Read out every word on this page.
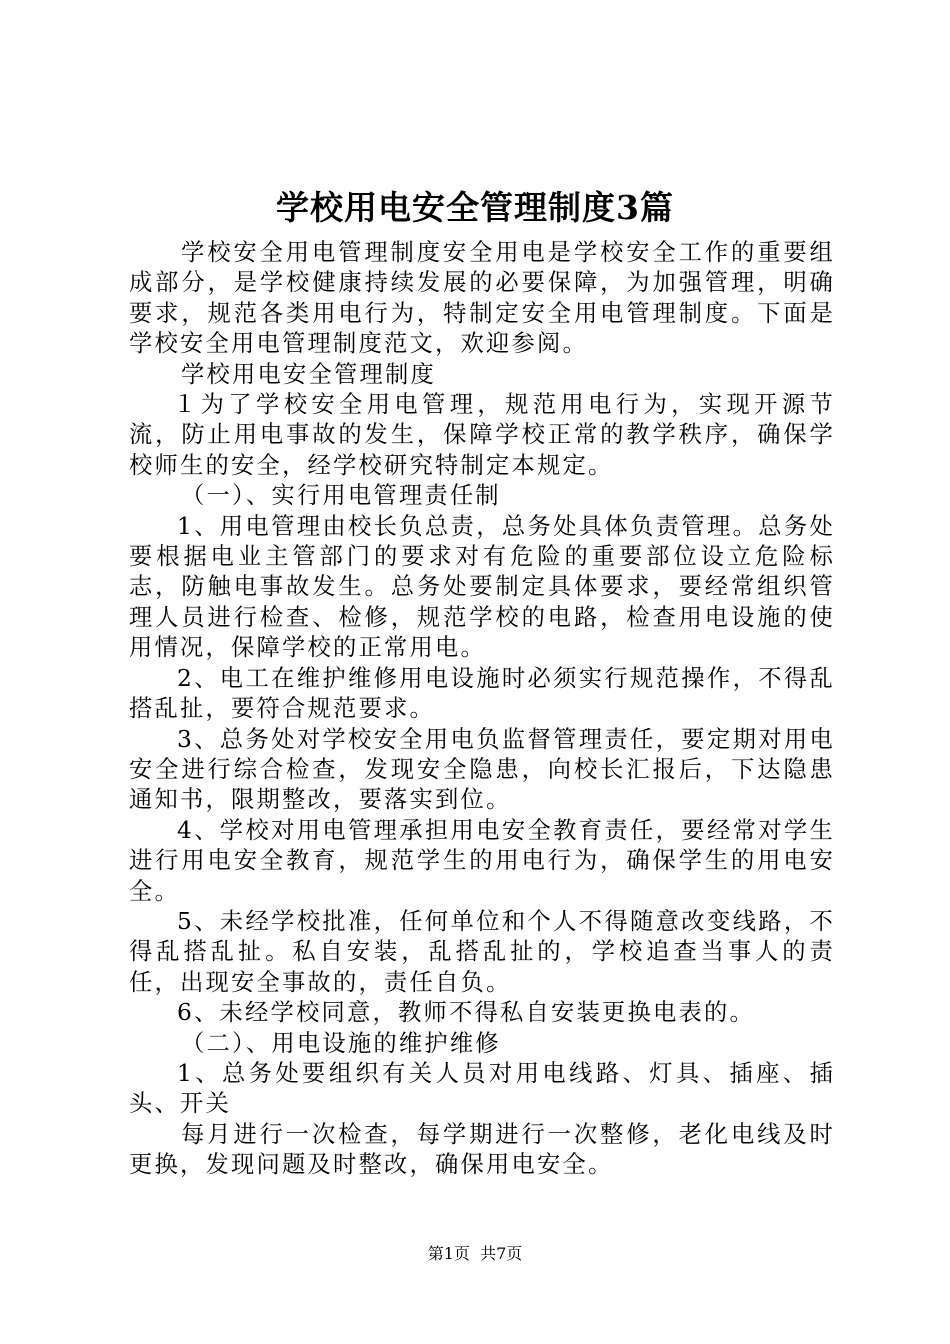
学校用电安全管理制度3篇

学校安全用电管理制度安全用电是学校安全工作的重要组成部分，是学校健康持续发展的必要保障，为加强管理，明确要求，规范各类用电行为，特制定安全用电管理制度。下面是学校安全用电管理制度范文，欢迎参阅。

学校用电安全管理制度

１为了学校安全用电管理，规范用电行为，实现开源节流，防止用电事故的发生，保障学校正常的教学秩序，确保学校师生的安全，经学校研究特制定本规定。

（一）、实行用电管理责任制

1、用电管理由校长负总责，总务处具体负责管理。总务处要根据电业主管部门的要求对有危险的重要部位设立危险标志，防触电事故发生。总务处要制定具体要求，要经常组织管理人员进行检查、检修，规范学校的电路，检查用电设施的使用情况，保障学校的正常用电。

2、电工在维护维修用电设施时必须实行规范操作，不得乱搭乱扯，要符合规范要求。

3、总务处对学校安全用电负监督管理责任，要定期对用电安全进行综合检查，发现安全隐患，向校长汇报后，下达隐患通知书，限期整改，要落实到位。

4、学校对用电管理承担用电安全教育责任，要经常对学生进行用电安全教育，规范学生的用电行为，确保学生的用电安全。

5、未经学校批准，任何单位和个人不得随意改变线路，不得乱搭乱扯。私自安装，乱搭乱扯的，学校追查当事人的责任，出现安全事故的，责任自负。

6、未经学校同意，教师不得私自安装更换电表的。

（二）、用电设施的维护维修

1、总务处要组织有关人员对用电线路、灯具、插座、插头、开关

每月进行一次检查，每学期进行一次整修，老化电线及时更换，发现问题及时整改，确保用电安全。

第1页  共7页
